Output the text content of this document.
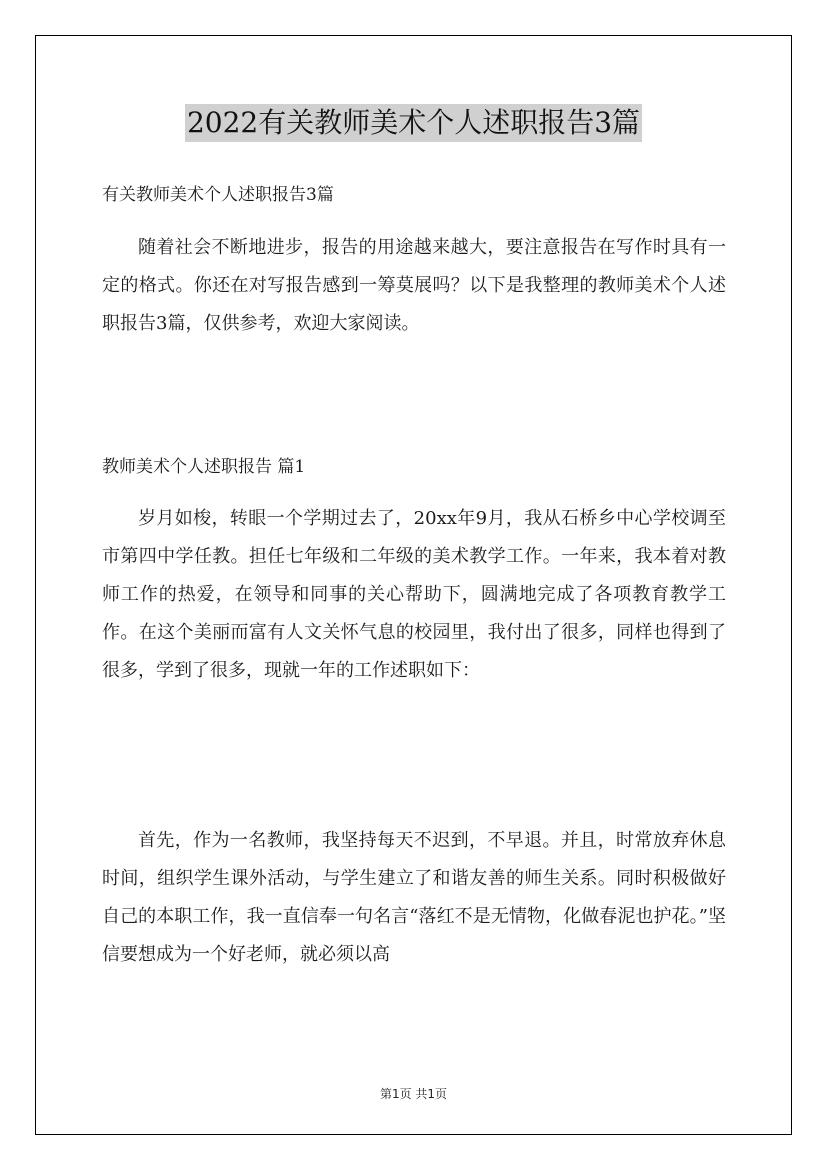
2022有关教师美术个人述职报告3篇
有关教师美术个人述职报告3篇

随着社会不断地进步，报告的用途越来越大，要注意报告在写作时具有一定的格式。你还在对写报告感到一筹莫展吗？以下是我整理的教师美术个人述职报告3篇，仅供参考，欢迎大家阅读。

教师美术个人述职报告 篇1

岁月如梭，转眼一个学期过去了，20xx年9月，我从石桥乡中心学校调至市第四中学任教。担任七年级和二年级的美术教学工作。一年来，我本着对教师工作的热爱，在领导和同事的关心帮助下，圆满地完成了各项教育教学工作。在这个美丽而富有人文关怀气息的校园里，我付出了很多，同样也得到了很多，学到了很多，现就一年的工作述职如下：

首先，作为一名教师，我坚持每天不迟到，不早退。并且，时常放弃休息时间，组织学生课外活动，与学生建立了和谐友善的师生关系。同时积极做好自己的本职工作，我一直信奉一句名言“落红不是无情物，化做春泥也护花。”坚信要想成为一个好老师，就必须以高

第1页 共1页
